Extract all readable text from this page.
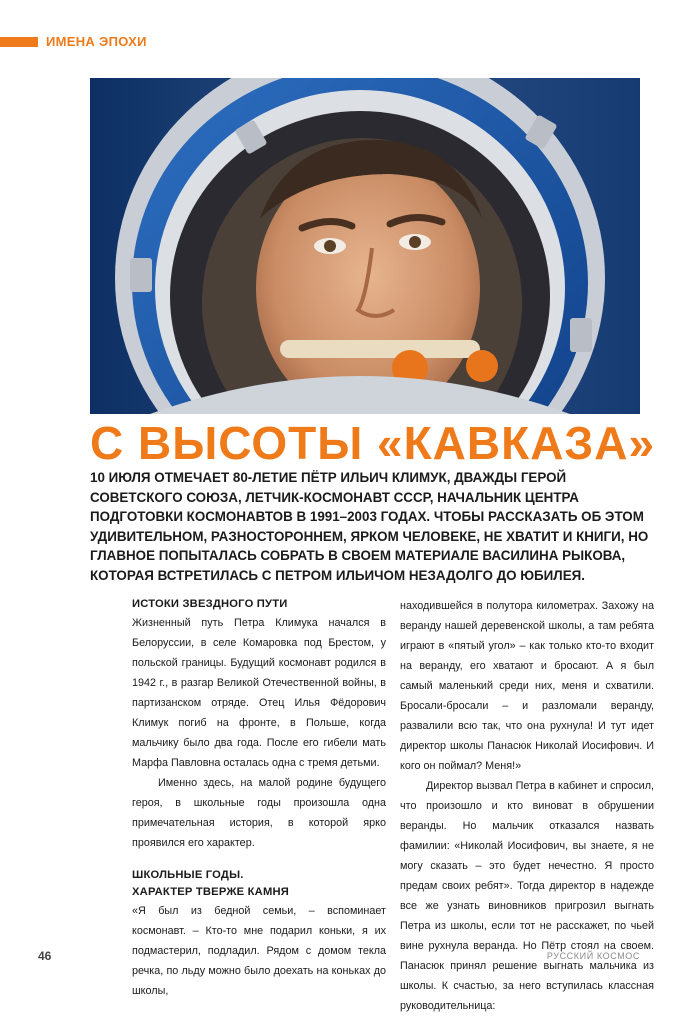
ИМЕНА ЭПОХИ
С ВЫСОТЫ «КАВКАЗА»
10 ИЮЛЯ ОТМЕЧАЕТ 80-ЛЕТИЕ ПЁТР ИЛЬИЧ КЛИМУК, ДВАЖДЫ ГЕРОЙ СОВЕТСКОГО СОЮЗА, ЛЕТЧИК-КОСМОНАВТ СССР, НАЧАЛЬНИК ЦЕНТРА ПОДГОТОВКИ КОСМОНАВТОВ В 1991–2003 ГОДАХ. ЧТОБЫ РАССКАЗАТЬ ОБ ЭТОМ УДИВИТЕЛЬНОМ, РАЗНОСТОРОННЕМ, ЯРКОМ ЧЕЛОВЕКЕ, НЕ ХВАТИТ И КНИГИ, НО ГЛАВНОЕ ПОПЫТАЛАСЬ СОБРАТЬ В СВОЕМ МАТЕРИАЛЕ ВАСИЛИНА РЫКОВА, КОТОРАЯ ВСТРЕТИЛАСЬ С ПЕТРОМ ИЛЬИЧОМ НЕЗАДОЛГО ДО ЮБИЛЕЯ.
ИСТОКИ ЗВЕЗДНОГО ПУТИ

Жизненный путь Петра Климука начался в Белоруссии, в селе Комаровка под Брестом, у польской границы. Будущий космонавт родился в 1942 г., в разгар Великой Отечественной войны, в партизанском отряде. Отец Илья Фёдорович Климук погиб на фронте, в Польше, когда мальчику было два года. После его гибели мать Марфа Павловна осталась одна с тремя детьми.

Именно здесь, на малой родине будущего героя, в школьные годы произошла одна примечательная история, в которой ярко проявился его характер.

ШКОЛЬНЫЕ ГОДЫ.
ХАРАКТЕР ТВЕРЖЕ КАМНЯ

«Я был из бедной семьи, – вспоминает космонавт. – Кто-то мне подарил коньки, я их подмастерил, подладил. Рядом с домом текла речка, по льду можно было доехать на коньках до школы,

находившейся в полутора километрах. Захожу на веранду нашей деревенской школы, а там ребята играют в «пятый угол» – как только кто-то входит на веранду, его хватают и бросают. А я был самый маленький среди них, меня и схватили. Бросали-бросали – и разломали веранду, развалили всю так, что она рухнула! И тут идет директор школы Панасюк Николай Иосифович. И кого он поймал? Меня!»

Директор вызвал Петра в кабинет и спросил, что произошло и кто виноват в обрушении веранды. Но мальчик отказался назвать фамилии: «Николай Иосифович, вы знаете, я не могу сказать – это будет нечестно. Я просто предам своих ребят». Тогда директор в надежде все же узнать виновников пригрозил выгнать Петра из школы, если тот не расскажет, по чьей вине рухнула веранда. Но Пётр стоял на своем. Панасюк принял решение выгнать мальчика из школы. К счастью, за него вступилась классная руководительница:

46	РУССКИЙ КОСМОС
